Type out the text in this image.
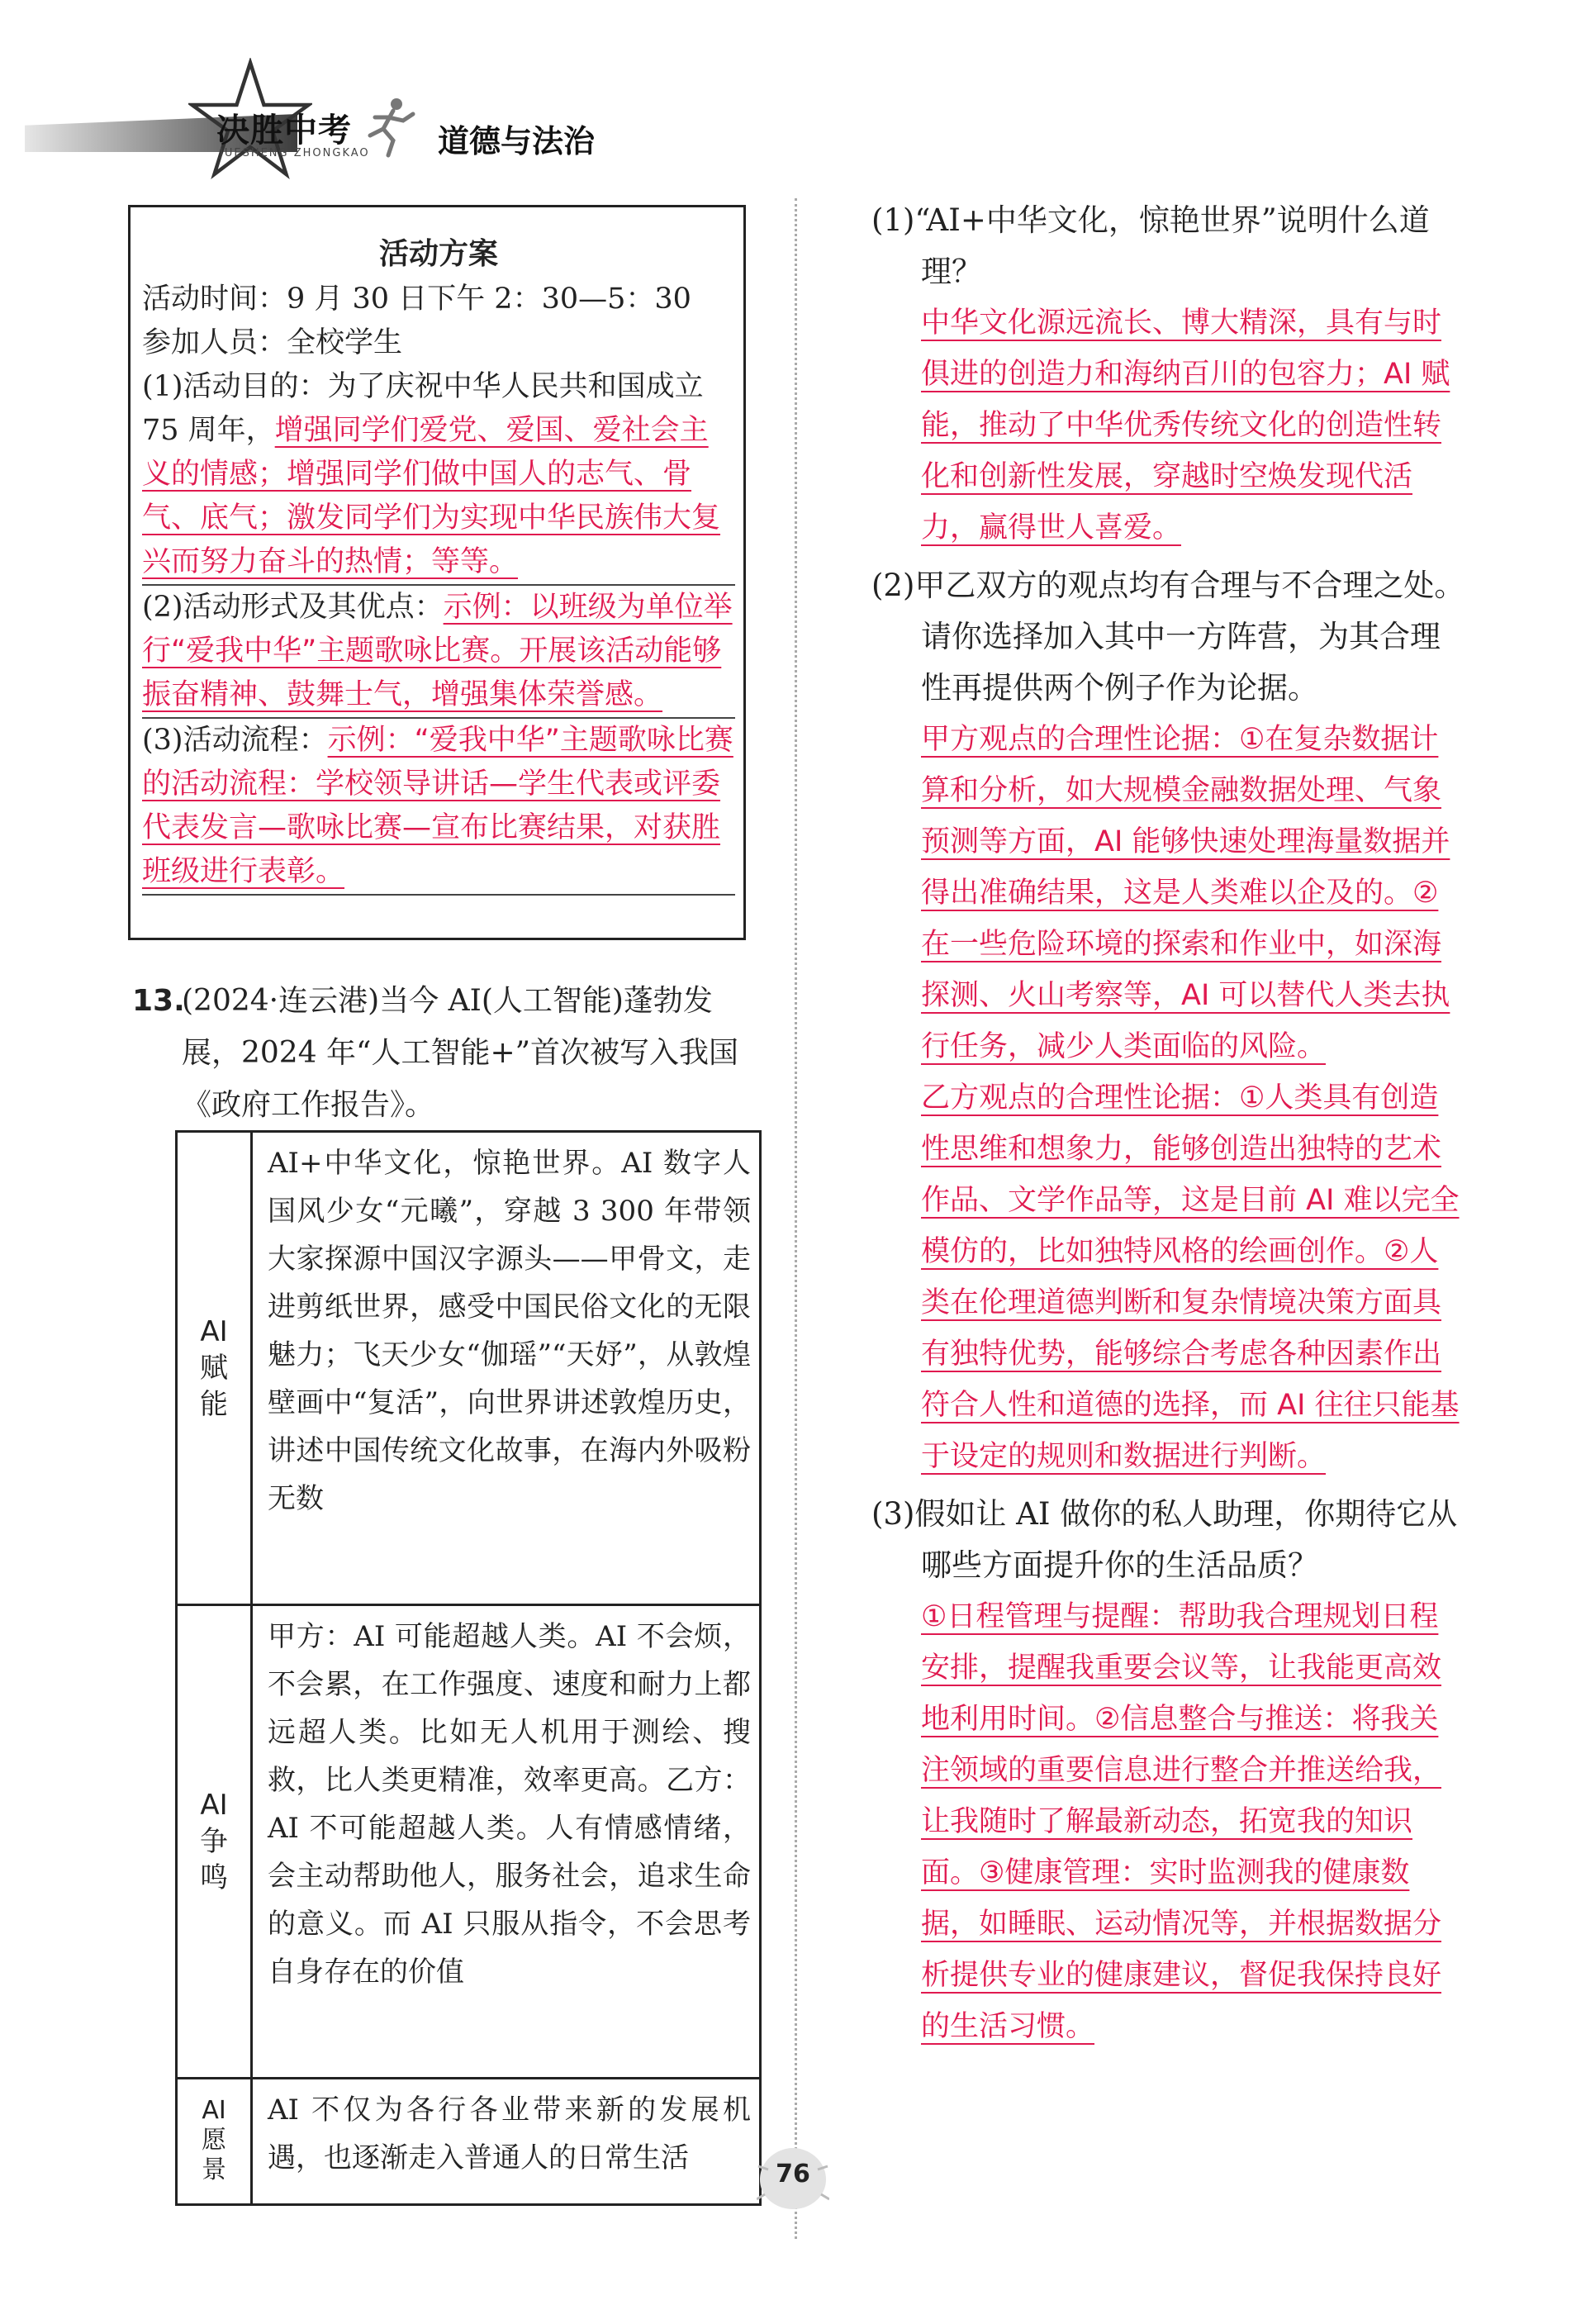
决胜中考
JUESHENG ZHONGKAO 道德与法治
活动方案

活动时间：9 月 30 日下午 2：30—5：30

参加人员：全校学生

(1)活动目的：为了庆祝中华人民共和国成立 75 周年，增强同学们爱党、爱国、爱社会主义的情感；增强同学们做中国人的志气、骨气、底气；激发同学们为实现中华民族伟大复兴而努力奋斗的热情；等等。

(2)活动形式及其优点：示例：以班级为单位举行“爱我中华”主题歌咏比赛。开展该活动能够振奋精神、鼓舞士气，增强集体荣誉感。

(3)活动流程：示例：“爱我中华”主题歌咏比赛的活动流程：学校领导讲话—学生代表或评委代表发言—歌咏比赛—宣布比赛结果，对获胜班级进行表彰。

13.
(2024·连云港)当今 AI(人工智能)蓬勃发展，2024 年“人工智能+”首次被写入我国《政府工作报告》。
AI赋能	AI+中华文化，惊艳世界。AI 数字人国风少女“元曦”，穿越 3 300 年带领大家探源中国汉字源头——甲骨文，走进剪纸世界，感受中国民俗文化的无限魅力；飞天少女“伽瑶”“天妤”，从敦煌壁画中“复活”，向世界讲述敦煌历史，讲述中国传统文化故事，在海内外吸粉无数
AI争鸣	甲方：AI 可能超越人类。AI 不会烦，不会累，在工作强度、速度和耐力上都远超人类。比如无人机用于测绘、搜救，比人类更精准，效率更高。乙方：AI 不可能超越人类。人有情感情绪，会主动帮助他人，服务社会，追求生命的意义。而 AI 只服从指令，不会思考自身存在的价值
AI愿景	AI 不仅为各行各业带来新的发展机遇，也逐渐走入普通人的日常生活

(1)“AI+中华文化，惊艳世界”说明什么道理？

中华文化源远流长、博大精深，具有与时俱进的创造力和海纳百川的包容力；AI 赋能，推动了中华优秀传统文化的创造性转化和创新性发展，穿越时空焕发现代活力，赢得世人喜爱。

(2)甲乙双方的观点均有合理与不合理之处。请你选择加入其中一方阵营，为其合理性再提供两个例子作为论据。

甲方观点的合理性论据：①在复杂数据计算和分析，如大规模金融数据处理、气象预测等方面，AI 能够快速处理海量数据并得出准确结果，这是人类难以企及的。②在一些危险环境的探索和作业中，如深海探测、火山考察等，AI 可以替代人类去执行任务，减少人类面临的风险。

乙方观点的合理性论据：①人类具有创造性思维和想象力，能够创造出独特的艺术作品、文学作品等，这是目前 AI 难以完全模仿的，比如独特风格的绘画创作。②人类在伦理道德判断和复杂情境决策方面具有独特优势，能够综合考虑各种因素作出符合人性和道德的选择，而 AI 往往只能基于设定的规则和数据进行判断。

(3)假如让 AI 做你的私人助理，你期待它从哪些方面提升你的生活品质？

①日程管理与提醒：帮助我合理规划日程安排，提醒我重要会议等，让我能更高效地利用时间。②信息整合与推送：将我关注领域的重要信息进行整合并推送给我，让我随时了解最新动态，拓宽我的知识面。③健康管理：实时监测我的健康数据，如睡眠、运动情况等，并根据数据分析提供专业的健康建议，督促我保持良好的生活习惯。

76
